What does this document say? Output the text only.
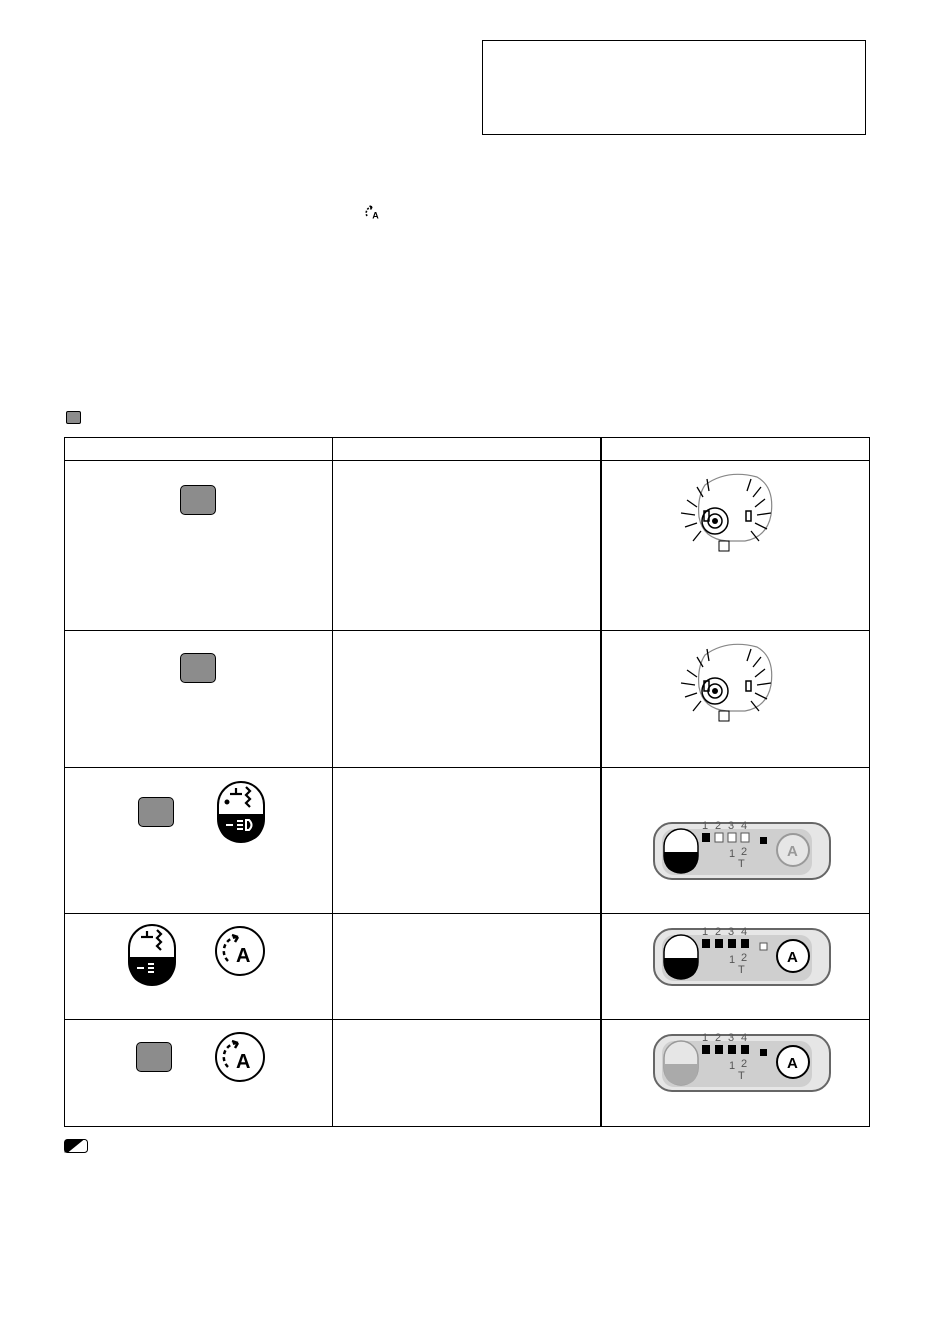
A
1 2 3 4
1 2
T
A
A
1 2 3 4
1 2
T
A
A
1 2 3 4
1 2
T
A
